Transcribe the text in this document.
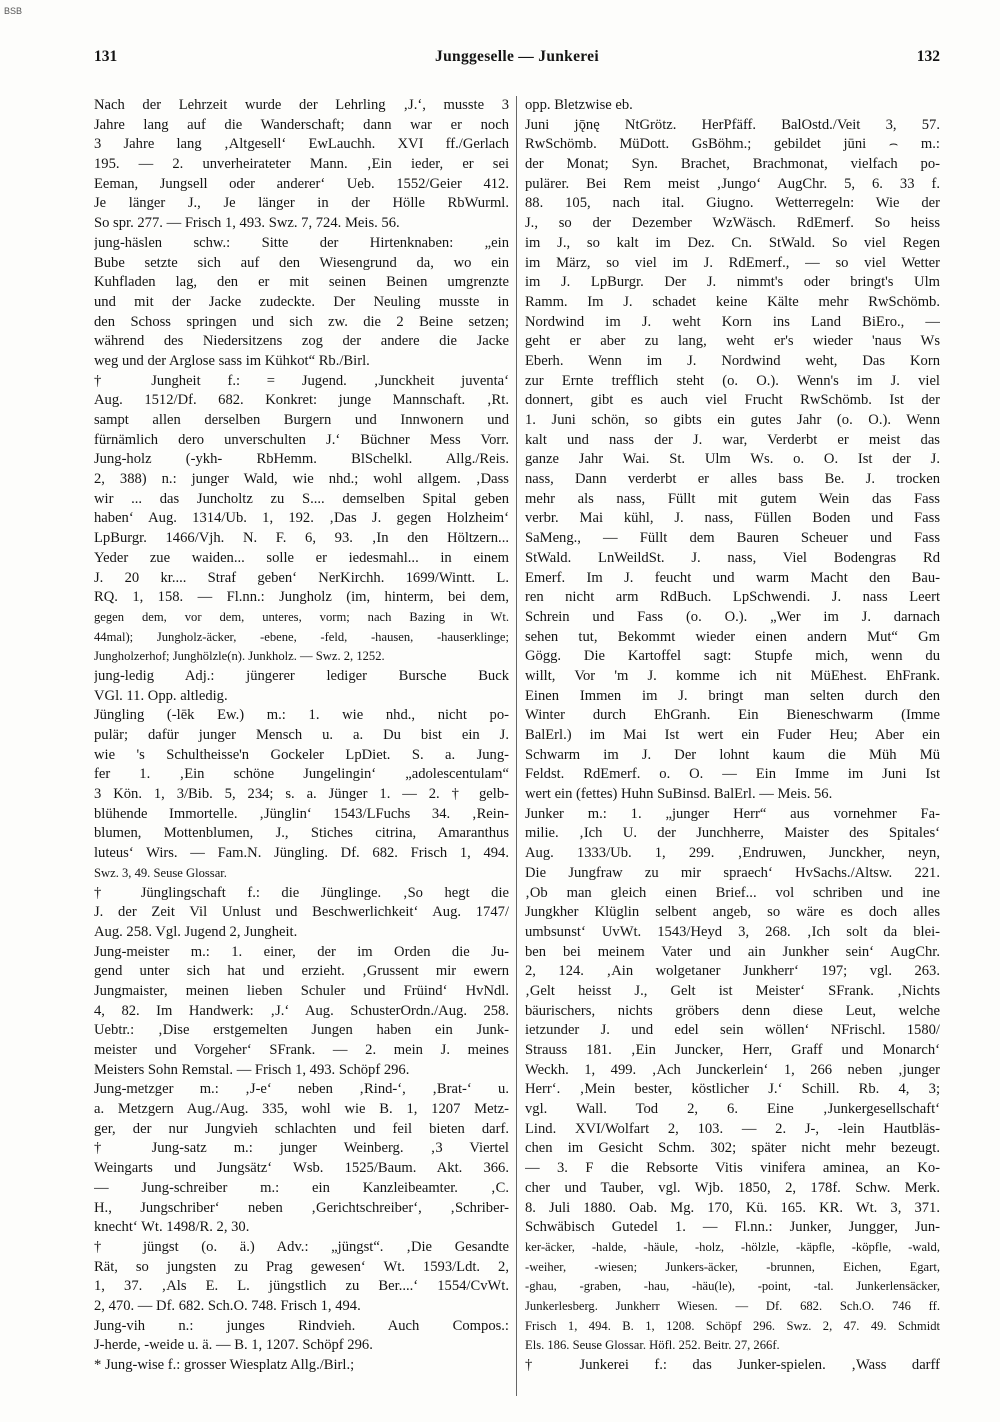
BSB
131	Junggeselle — Junkerei	132
Nach der Lehrzeit wurde der Lehrling ‚J.‘, musste 3
Jahre lang auf die Wanderschaft; dann war er noch
3 Jahre lang ‚Altgesell‘ EwLauchh. XVI ff./Gerlach
195. — 2. unverheirateter Mann. ‚Ein ieder, er sei
Eeman, Jungsell oder anderer‘ Ueb. 1552/Geier 412.
Je länger J., Je länger in der Hölle RbWurml.
So spr. 277. — Frisch 1, 493. Swz. 7, 724. Meis. 56.
jung-häslen schw.: Sitte der Hirtenknaben: „ein
Bube setzte sich auf den Wiesengrund da, wo ein
Kuhfladen lag, den er mit seinen Beinen umgrenzte
und mit der Jacke zudeckte. Der Neuling musste in
den Schoss springen und sich zw. die 2 Beine setzen;
während des Niedersitzens zog der andere die Jacke
weg und der Arglose sass im Kühkot“ Rb./Birl.
† Jungheit f.: = Jugend. ‚Junckheit juventa‘
Aug. 1512/Df. 682. Konkret: junge Mannschaft. ‚Rt.
sampt allen derselben Burgern und Innwonern und
fürnämlich dero unverschulten J.‘ Büchner Mess Vorr.
Jung-holz (-ykh- RbHemm. BlSchelkl. Allg./Reis.
2, 388) n.: junger Wald, wie nhd.; wohl allgem. ‚Dass
wir ... das Juncholtz zu S.... demselben Spital geben
haben‘ Aug. 1314/Ub. 1, 192. ‚Das J. gegen Holzheim‘
LpBurgr. 1466/Vjh. N. F. 6, 93. ‚In den Höltzern...
Yeder zue waiden... solle er iedesmahl... in einem
J. 20 kr.... Straf geben‘ NerKirchh. 1699/Wintt. L.
RQ. 1, 158. — Fl.nn.: Jungholz (im, hinterm, bei dem,
gegen dem, vor dem, unteres, vorm; nach Bazing in Wt.
44mal); Jungholz-äcker, -ebene, -feld, -hausen, -hauserklinge;
Jungholzerhof; Junghölzle(n). Junkholz. — Swz. 2, 1252.
jung-ledig Adj.: jüngerer lediger Bursche Buck
VGl. 11. Opp. altledig.
Jüngling (-lēk Ew.) m.: 1. wie nhd., nicht po-
pulär; dafür junger Mensch u. a. Du bist ein J.
wie 's Schultheisse'n Gockeler LpDiet. S. a. Jung-
fer 1. ‚Ein schöne Jungelingin‘ „adolescentulam“
3 Kön. 1, 3/Bib. 5, 234; s. a. Jünger 1. — 2. † gelb-
blühende Immortelle. ‚Jünglin‘ 1543/LFuchs 34. ‚Rein-
blumen, Mottenblumen, J., Stiches citrina, Amaranthus
luteus‘ Wirs. — Fam.N. Jüngling. Df. 682. Frisch 1, 494.
Swz. 3, 49. Seuse Glossar.
† Jünglingschaft f.: die Jünglinge. ‚So hegt die
J. der Zeit Vil Unlust und Beschwerlichkeit‘ Aug. 1747/
Aug. 258. Vgl. Jugend 2, Jungheit.
Jung-meister m.: 1. einer, der im Orden die Ju-
gend unter sich hat und erzieht. ‚Grussent mir ewern
Jungmaister, meinen lieben Schuler und Früind‘ HvNdl.
4, 82. Im Handwerk: ‚J.‘ Aug. SchusterOrdn./Aug. 258.
Uebtr.: ‚Dise erstgemelten Jungen haben ein Junk-
meister und Vorgeher‘ SFrank. — 2. mein J. meines
Meisters Sohn Remstal. — Frisch 1, 493. Schöpf 296.
Jung-metzger m.: ‚J-e‘ neben ‚Rind-‘, ‚Brat-‘ u.
a. Metzgern Aug./Aug. 335, wohl wie B. 1, 1207 Metz-
ger, der nur Jungvieh schlachten und feil bieten darf.
† Jung-satz m.: junger Weinberg. ‚3 Viertel
Weingarts und Jungsätz‘ Wsb. 1525/Baum. Akt. 366.
— Jung-schreiber m.: ein Kanzleibeamter. ‚C.
H., Jungschriber‘ neben ‚Gerichtschreiber‘, ‚Schriber-
knecht‘ Wt. 1498/R. 2, 30.
† jüngst (o. ä.) Adv.: „jüngst“. ‚Die Gesandte
Rät, so jungsten zu Prag gewesen‘ Wt. 1593/Ldt. 2,
1, 37. ‚Als E. L. jüngstlich zu Ber....‘ 1554/CvWt.
2, 470. — Df. 682. Sch.O. 748. Frisch 1, 494.
Jung-vih n.: junges Rindvieh. Auch Compos.:
J-herde, -weide u. ä. — B. 1, 1207. Schöpf 296.
* Jung-wise f.: grosser Wiesplatz Allg./Birl.;
opp. Bletzwise eb.
Juni jǭnę NtGrötz. HerPfäff. BalOstd./Veit 3, 57.
RwSchömb. MüDott. GsBöhm.; gebildet jūni ⌢ m.:
der Monat; Syn. Brachet, Brachmonat, vielfach po-
pulärer. Bei Rem meist ‚Jungo‘ AugChr. 5, 6. 33 f.
88. 105, nach ital. Giugno. Wetterregeln: Wie der
J., so der Dezember WzWäsch. RdEmerf. So heiss
im J., so kalt im Dez. Cn. StWald. So viel Regen
im März, so viel im J. RdEmerf., — so viel Wetter
im J. LpBurgr. Der J. nimmt's oder bringt's Ulm
Ramm. Im J. schadet keine Kälte mehr RwSchömb.
Nordwind im J. weht Korn ins Land BiEro., —
geht er aber zu lang, weht er's wieder 'naus Ws
Eberh. Wenn im J. Nordwind weht, Das Korn
zur Ernte trefflich steht (o. O.). Wenn's im J. viel
donnert, gibt es auch viel Frucht RwSchömb. Ist der
1. Juni schön, so gibts ein gutes Jahr (o. O.). Wenn
kalt und nass der J. war, Verderbt er meist das
ganze Jahr Wai. St. Ulm Ws. o. O. Ist der J.
nass, Dann verderbt er alles bass Be. J. trocken
mehr als nass, Füllt mit gutem Wein das Fass
verbr. Mai kühl, J. nass, Füllen Boden und Fass
SaMeng., — Füllt dem Bauren Scheuer und Fass
StWald. LnWeildSt. J. nass, Viel Bodengras Rd
Emerf. Im J. feucht und warm Macht den Bau-
ren nicht arm RdBuch. LpSchwendi. J. nass Leert
Schrein und Fass (o. O.). „Wer im J. darnach
sehen tut, Bekommt wieder einen andern Mut“ Gm
Gögg. Die Kartoffel sagt: Stupfe mich, wenn du
willt, Vor 'm J. komme ich nit MüEhest. EhFrank.
Einen Immen im J. bringt man selten durch den
Winter durch EhGranh. Ein Bieneschwarm (Imme
BalErl.) im Mai Ist wert ein Fuder Heu; Aber ein
Schwarm im J. Der lohnt kaum die Müh Mü
Feldst. RdEmerf. o. O. — Ein Imme im Juni Ist
wert ein (fettes) Huhn SuBinsd. BalErl. — Meis. 56.
Junker m.: 1. „junger Herr“ aus vornehmer Fa-
milie. ‚Ich U. der Junchherre, Maister des Spitales‘
Aug. 1333/Ub. 1, 299. ‚Endruwen, Junckher, neyn,
Die Jungfraw zu mir spraech‘ HvSachs./Altsw. 221.
‚Ob man gleich einen Brief... vol schriben und ine
Jungkher Klüglin selbent angeb, so wäre es doch alles
umbsunst‘ UvWt. 1543/Heyd 3, 268. ‚Ich solt da blei-
ben bei meinem Vater und ain Junkher sein‘ AugChr.
2, 124. ‚Ain wolgetaner Junkherr‘ 197; vgl. 263.
‚Gelt heisst J., Gelt ist Meister‘ SFrank. ‚Nichts
bäurischers, nichts gröbers denn diese Leut, welche
ietzunder J. und edel sein wöllen‘ NFrischl. 1580/
Strauss 181. ‚Ein Juncker, Herr, Graff und Monarch‘
Weckh. 1, 499. ‚Ach Junckerlein‘ 1, 266 neben ‚junger
Herr‘. ‚Mein bester, köstlicher J.‘ Schill. Rb. 4, 3;
vgl. Wall. Tod 2, 6. Eine ‚Junkergesellschaft‘
Lind. XVI/Wolfart 2, 103. — 2. J-, -lein Hautbläs-
chen im Gesicht Schm. 302; später nicht mehr bezeugt.
— 3. F die Rebsorte Vitis vinifera aminea, an Ko-
cher und Tauber, vgl. Wjb. 1850, 2, 178f. Schw. Merk.
8. Juli 1880. Oab. Mg. 170, Kü. 165. KR. Wt. 3, 371.
Schwäbisch Gutedel 1. — Fl.nn.: Junker, Jungger, Jun-
ker-äcker, -halde, -häule, -holz, -hölzle, -käpfle, -köpfle, -wald,
-weiher, -wiesen; Junkers-äcker, -brunnen, Eichen, Egart,
-ghau, -graben, -hau, -häu(le), -point, -tal. Junkerlensäcker,
Junkerlesberg. Junkherr Wiesen. — Df. 682. Sch.O. 746 ff.
Frisch 1, 494. B. 1, 1208. Schöpf 296. Swz. 2, 47. 49. Schmidt
Els. 186. Seuse Glossar. Höfl. 252. Beitr. 27, 266f.
† Junkerei f.: das Junker-spielen. ‚Wass darff
